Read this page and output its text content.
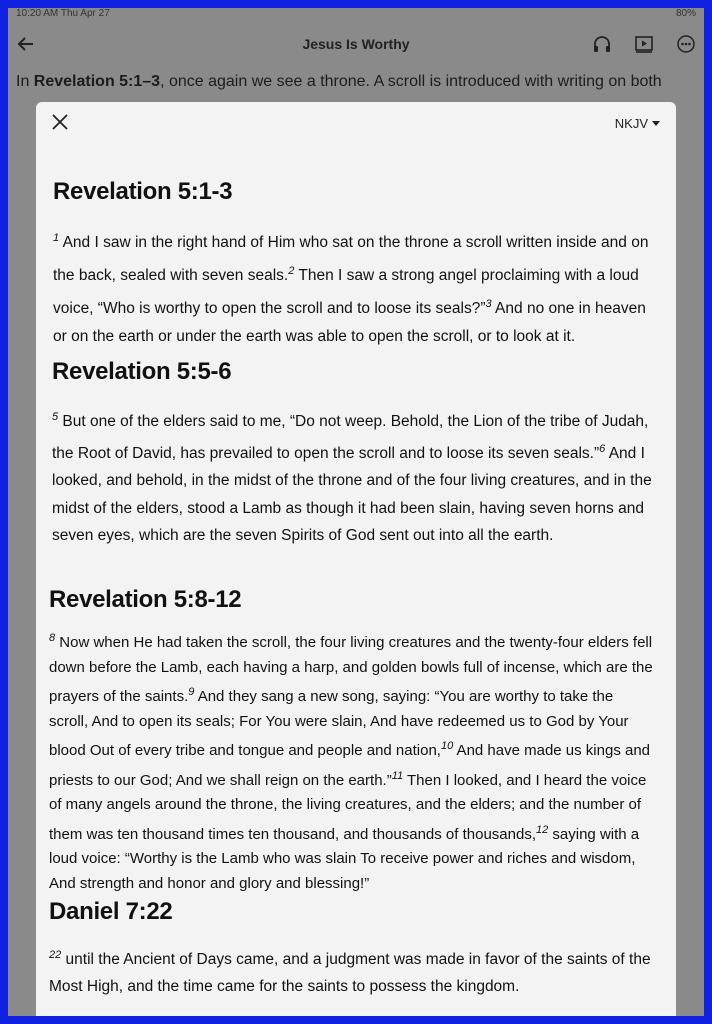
10:20 AM Thu Apr 27	80%
Jesus Is Worthy
In Revelation 5:1–3, once again we see a throne. A scroll is introduced with writing on both
NKJV
Revelation 5:1-3

$^1$ And I saw in the right hand of Him who sat on the throne a scroll written inside and on the back, sealed with seven seals.$^2$ Then I saw a strong angel proclaiming with a loud voice, “Who is worthy to open the scroll and to loose its seals?”$^3$ And no one in heaven or on the earth or under the earth was able to open the scroll, or to look at it.

Revelation 5:5-6

$^5$ But one of the elders said to me, “Do not weep. Behold, the Lion of the tribe of Judah, the Root of David, has prevailed to open the scroll and to loose its seven seals.”$^6$ And I looked, and behold, in the midst of the throne and of the four living creatures, and in the midst of the elders, stood a Lamb as though it had been slain, having seven horns and seven eyes, which are the seven Spirits of God sent out into all the earth.

Revelation 5:8-12

$^8$ Now when He had taken the scroll, the four living creatures and the twenty-four elders fell down before the Lamb, each having a harp, and golden bowls full of incense, which are the prayers of the saints.$^9$ And they sang a new song, saying: “You are worthy to take the scroll, And to open its seals; For You were slain, And have redeemed us to God by Your blood Out of every tribe and tongue and people and nation,$^{10}$ And have made us kings and priests to our God; And we shall reign on the earth.”$^{11}$ Then I looked, and I heard the voice of many angels around the throne, the living creatures, and the elders; and the number of them was ten thousand times ten thousand, and thousands of thousands,$^{12}$ saying with a loud voice: “Worthy is the Lamb who was slain To receive power and riches and wisdom, And strength and honor and glory and blessing!”

Daniel 7:22

$^{22}$ until the Ancient of Days came, and a judgment was made in favor of the saints of the Most High, and the time came for the saints to possess the kingdom.
